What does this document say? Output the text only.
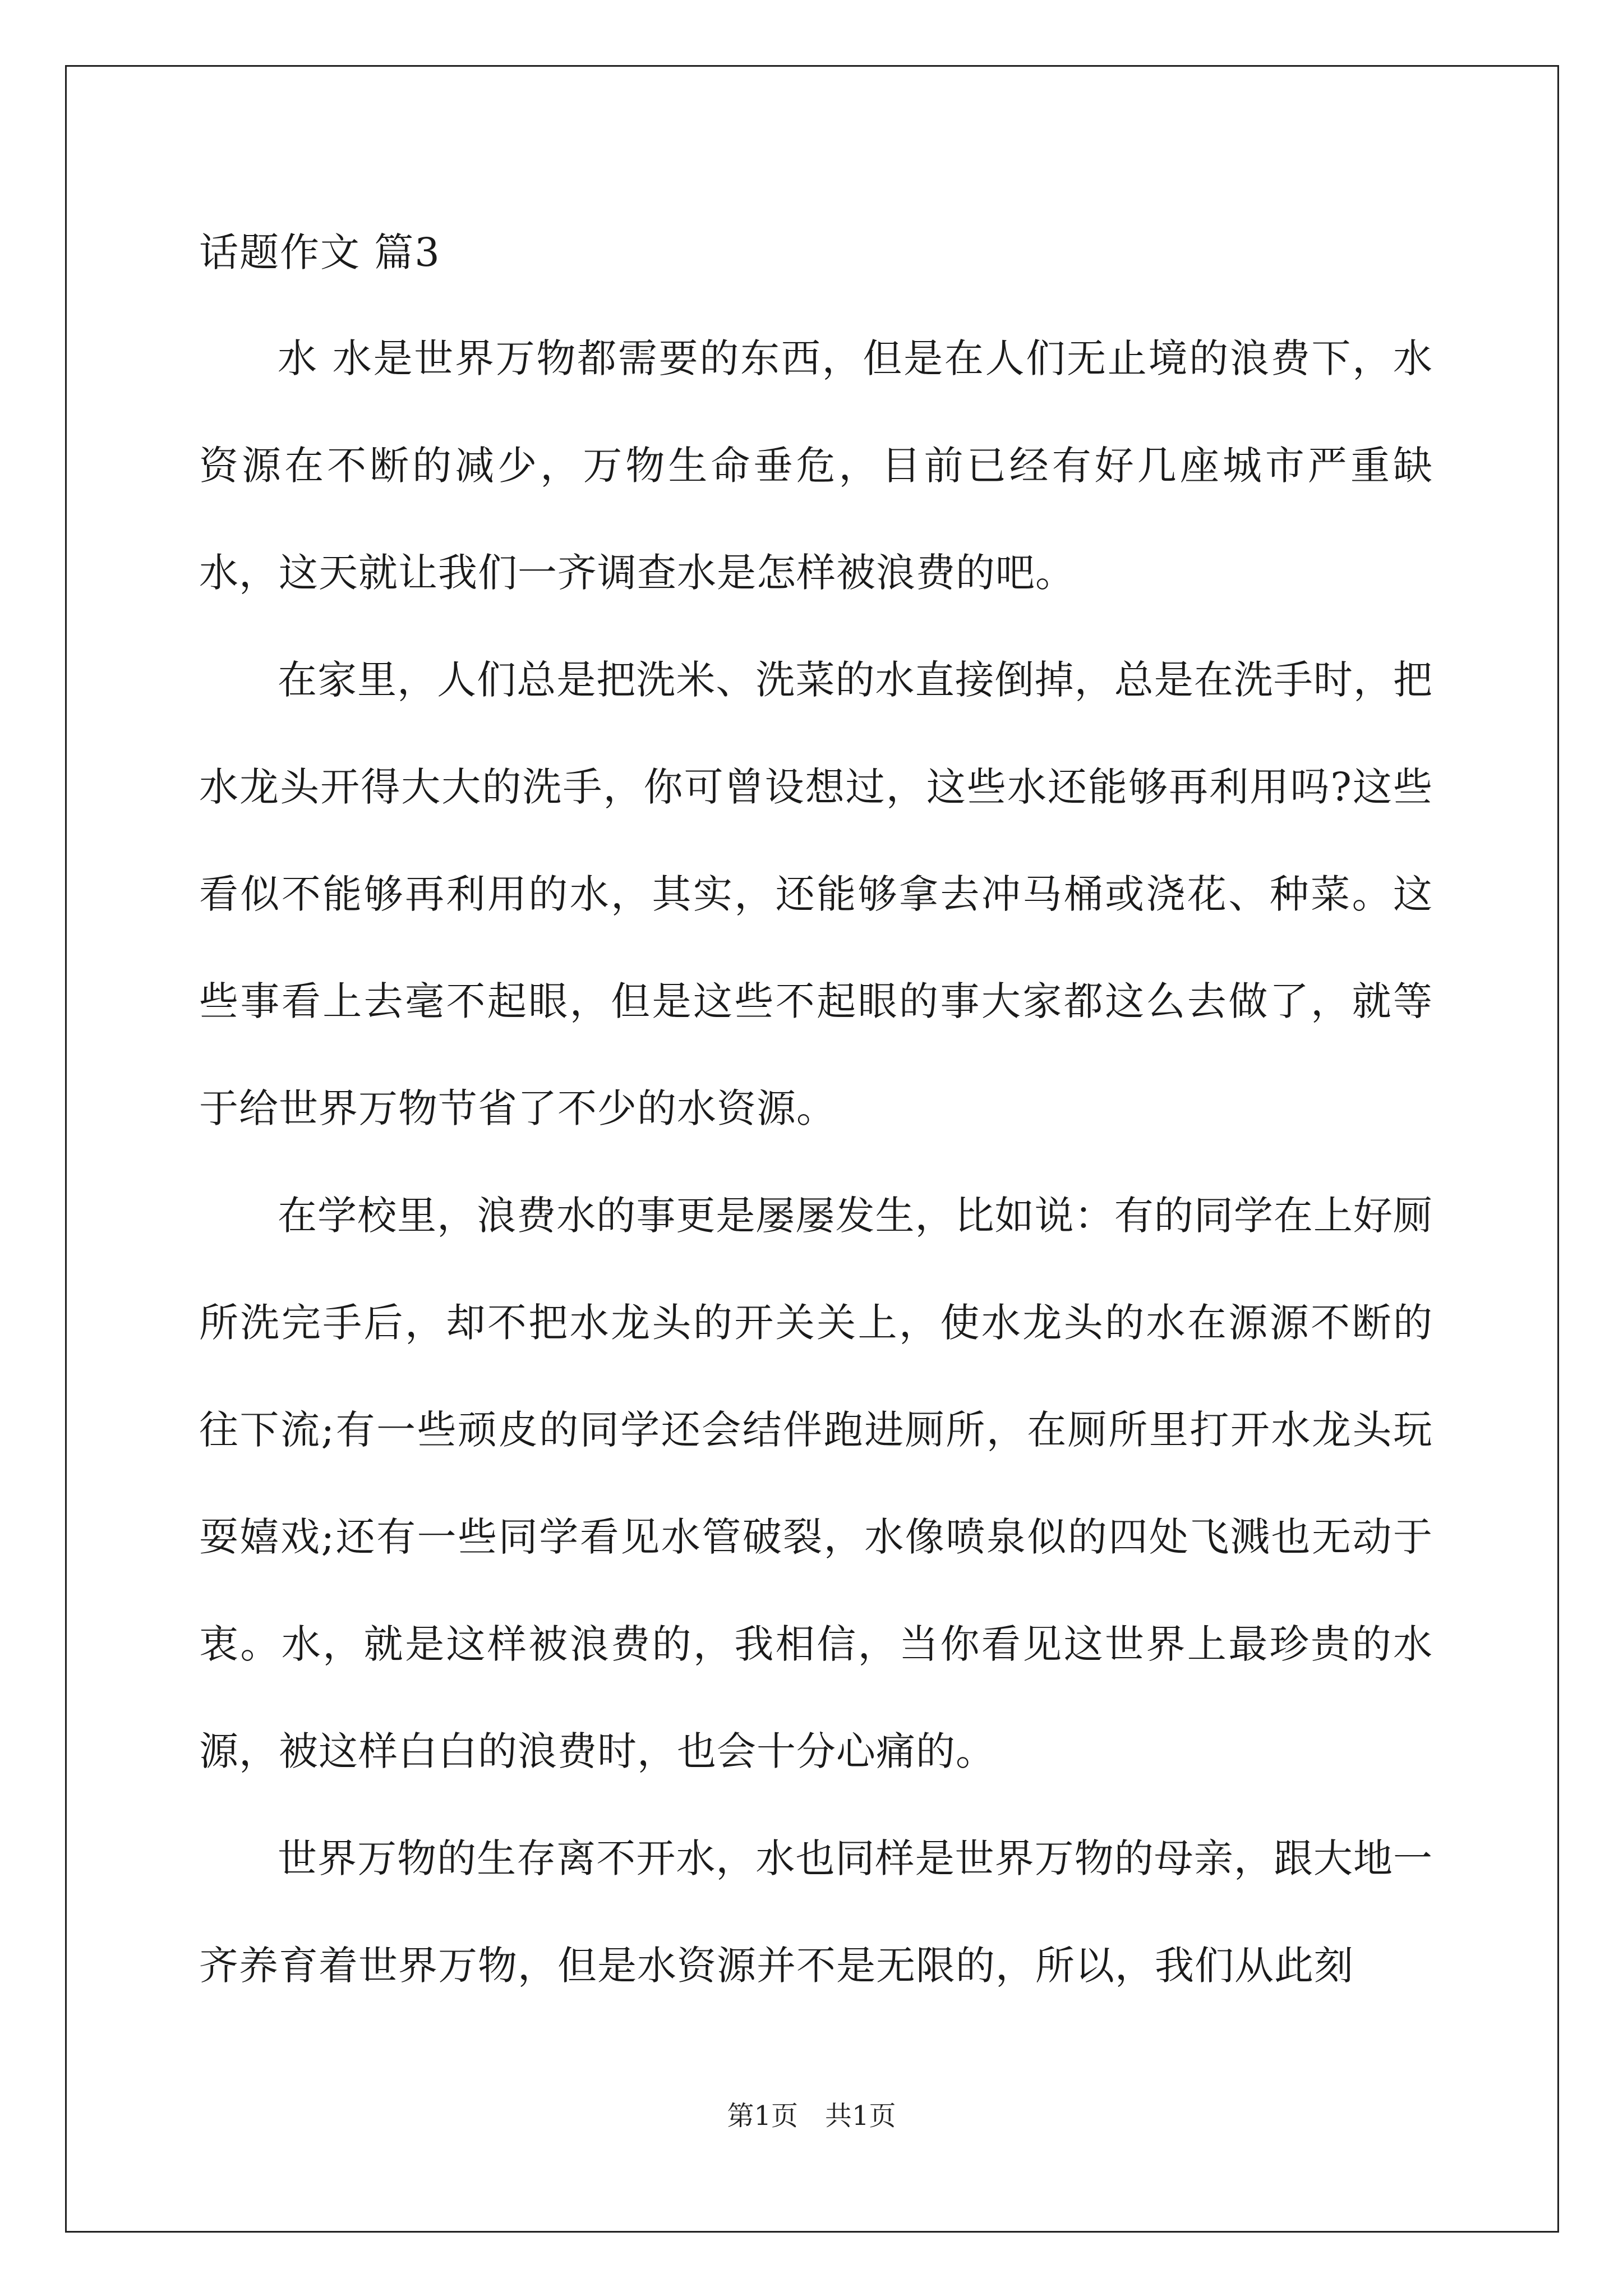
话题作文 篇3

水 水是世界万物都需要的东西，但是在人们无止境的浪费下，水资源在不断的减少，万物生命垂危，目前已经有好几座城市严重缺水，这天就让我们一齐调查水是怎样被浪费的吧。

在家里，人们总是把洗米、洗菜的水直接倒掉，总是在洗手时，把水龙头开得大大的洗手，你可曾设想过，这些水还能够再利用吗?这些看似不能够再利用的水，其实，还能够拿去冲马桶或浇花、种菜。这些事看上去毫不起眼，但是这些不起眼的事大家都这么去做了，就等于给世界万物节省了不少的水资源。

在学校里，浪费水的事更是屡屡发生，比如说：有的同学在上好厕所洗完手后，却不把水龙头的开关关上，使水龙头的水在源源不断的往下流;有一些顽皮的同学还会结伴跑进厕所，在厕所里打开水龙头玩耍嬉戏;还有一些同学看见水管破裂，水像喷泉似的四处飞溅也无动于衷。水，就是这样被浪费的，我相信，当你看见这世界上最珍贵的水源，被这样白白的浪费时，也会十分心痛的。

世界万物的生存离不开水，水也同样是世界万物的母亲，跟大地一齐养育着世界万物，但是水资源并不是无限的，所以，我们从此刻

第1页　共1页
